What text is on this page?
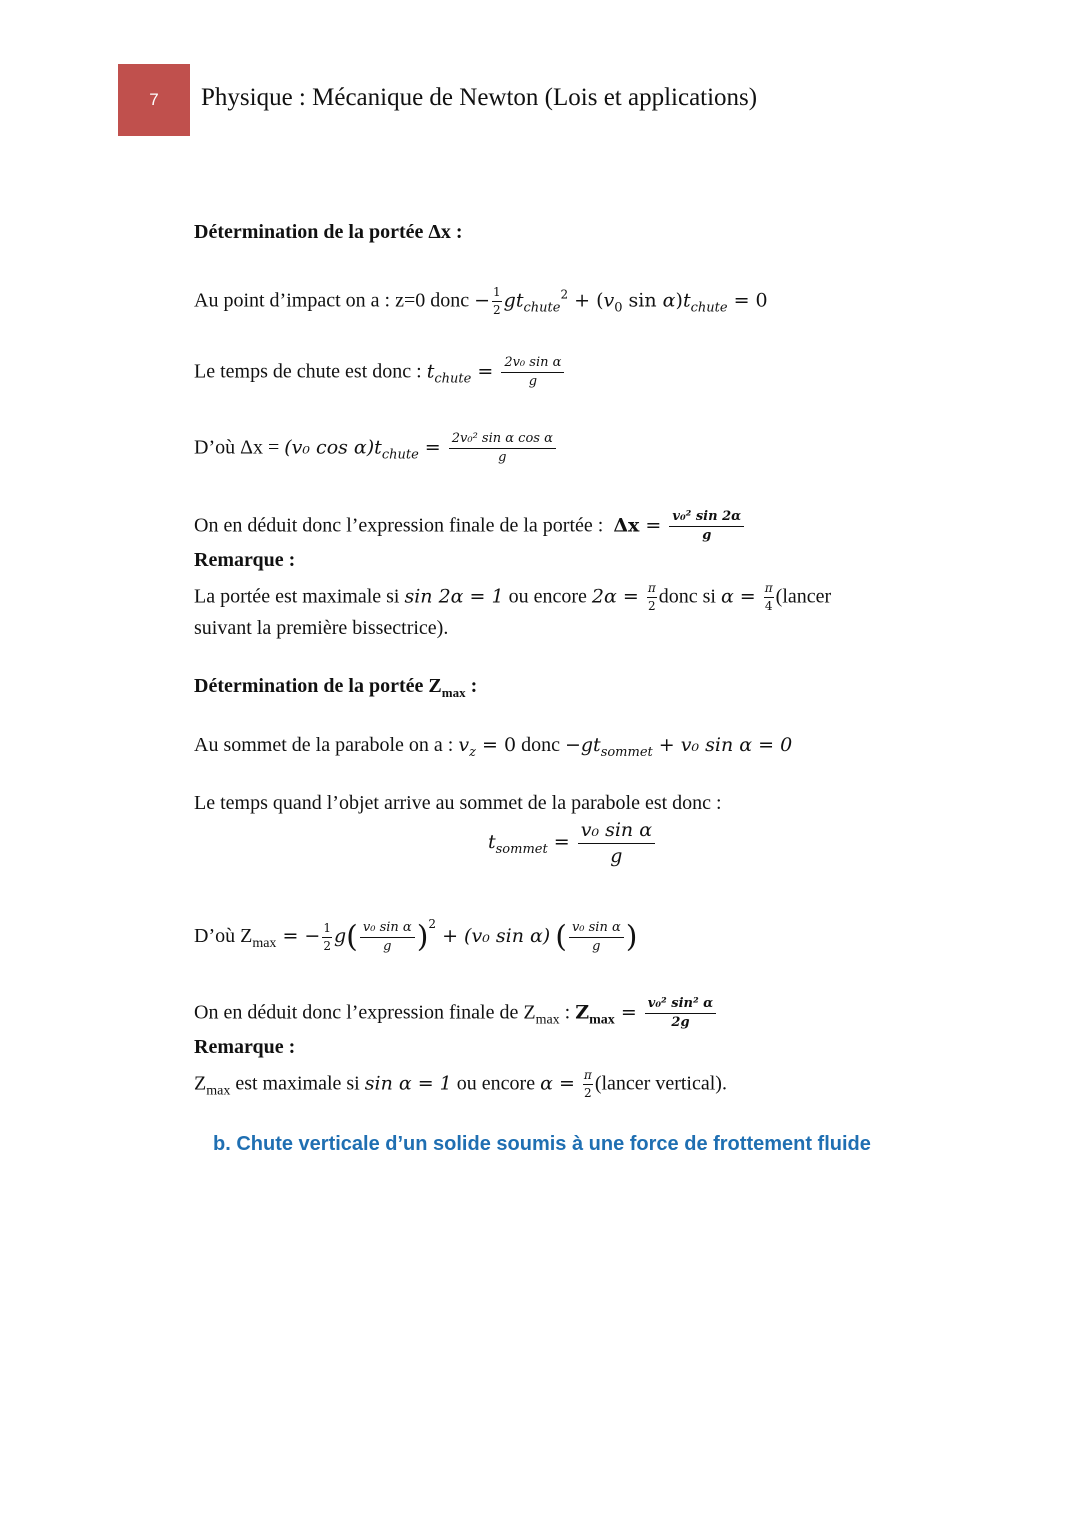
7 Physique : Mécanique de Newton (Lois et applications)
Détermination de la portée Δx :
Au point d’impact on a : z=0 donc − $\frac{1}{2} gt_{chute}^2 + (v_0$ $\sin \alpha)t_{chute} = 0$
Le temps de chute est donc : $t_{chute} = \frac{\text{2v₀ sin α}}{g}$
D’où Δx = (v₀ $\cos \alpha)t_{chute} = \frac{\text{2v₀² sin α cos α}}{g}$
On en déduit donc l’expression finale de la portée : $\Delta x = \frac{\text{v₀² sin 2α}}{g}$
Remarque :
La portée est maximale si sin 2α = 1 ou encore $2\alpha = \frac{\pi}{2}$ donc si $\alpha = \frac{\pi}{4}$ (lancer
suivant la première bissectrice).
Détermination de la portée $Z_{max}$ :
Au sommet de la parabole on a : $v_z = 0$ donc $-gt_{sommet} + v_0$ sin α = 0
Le temps quand l’objet arrive au sommet de la parabole est donc :
$t_{sommet} = \frac{\text{v₀ sin α}}{g}$
D’où $Z_{max}$ = − $\frac{1}{2} g( \frac{\text{v₀ sin α}}{g} )^2 + (v_0$ sin α) ( $\frac{\text{v₀ sin α}}{g}$ )
On en déduit donc l’expression finale de $Z_{max}$ : $Z_{max} = \frac{\text{v₀² sin² α}}{2g}$
Remarque :
$Z_{max}$ est maximale si sin α = 1 ou encore $\alpha = \frac{\pi}{2}$ (lancer vertical).
b. Chute verticale d’un solide soumis à une force de frottement fluide
